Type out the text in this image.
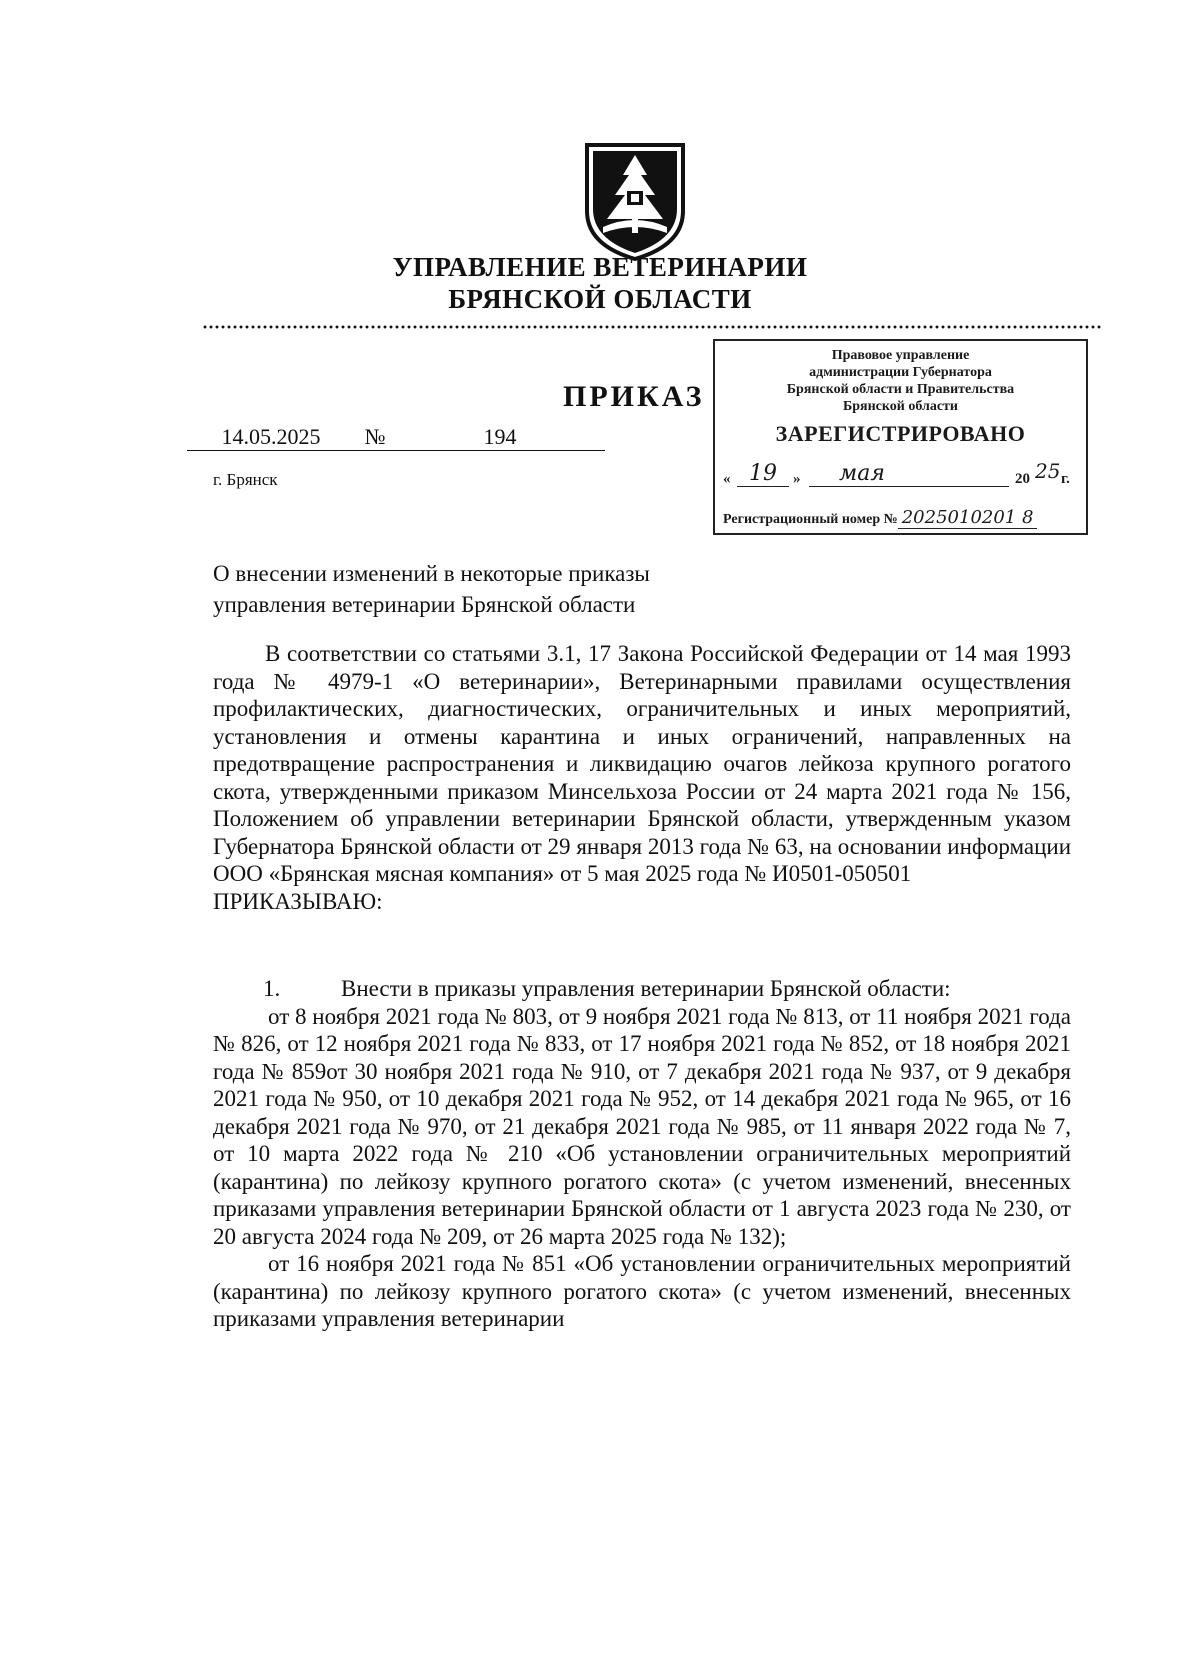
УПРАВЛЕНИЕ ВЕТЕРИНАРИИ
БРЯНСКОЙ ОБЛАСТИ
ПРИКАЗ
14.05.2025 №	194
г. Брянск
Правовое управление
администрации Губернатора
Брянской области и Правительства
Брянской области
ЗАРЕГИСТРИРОВАНО
« 19	»	мая	20 25 г.
Регистрационный номер № 2025010201 8
О внесении изменений в некоторые приказы
управления ветеринарии Брянской области

В соответствии со статьями 3.1, 17 Закона Российской Федерации от 14 мая 1993 года № 4979-1 «О ветеринарии», Ветеринарными правилами осуществления профилактических, диагностических, ограничительных и иных мероприятий, установления и отмены карантина и иных ограничений, направленных на предотвращение распространения и ликвидацию очагов лейкоза крупного рогатого скота, утвержденными приказом Минсельхоза России от 24 марта 2021 года № 156, Положением об управлении ветеринарии Брянской области, утвержденным указом Губернатора Брянской области от 29 января 2013 года № 63, на основании информации ООО «Брянская мясная компания» от 5 мая 2025 года № И0501-050501

ПРИКАЗЫВАЮ:

1.	Внести в приказы управления ветеринарии Брянской области:

от 8 ноября 2021 года № 803, от 9 ноября 2021 года № 813, от 11 ноября 2021 года № 826, от 12 ноября 2021 года № 833, от 17 ноября 2021 года № 852, от 18 ноября 2021 года № 859от 30 ноября 2021 года № 910, от 7 декабря 2021 года № 937, от 9 декабря 2021 года № 950, от 10 декабря 2021 года № 952, от 14 декабря 2021 года № 965, от 16 декабря 2021 года № 970, от 21 декабря 2021 года № 985, от 11 января 2022 года № 7, от 10 марта 2022 года № 210 «Об установлении ограничительных мероприятий (карантина) по лейкозу крупного рогатого скота» (с учетом изменений, внесенных приказами управления ветеринарии Брянской области от 1 августа 2023 года № 230, от 20 августа 2024 года № 209, от 26 марта 2025 года № 132);

от 16 ноября 2021 года № 851 «Об установлении ограничительных мероприятий (карантина) по лейкозу крупного рогатого скота» (с учетом изменений, внесенных приказами управления ветеринарии
